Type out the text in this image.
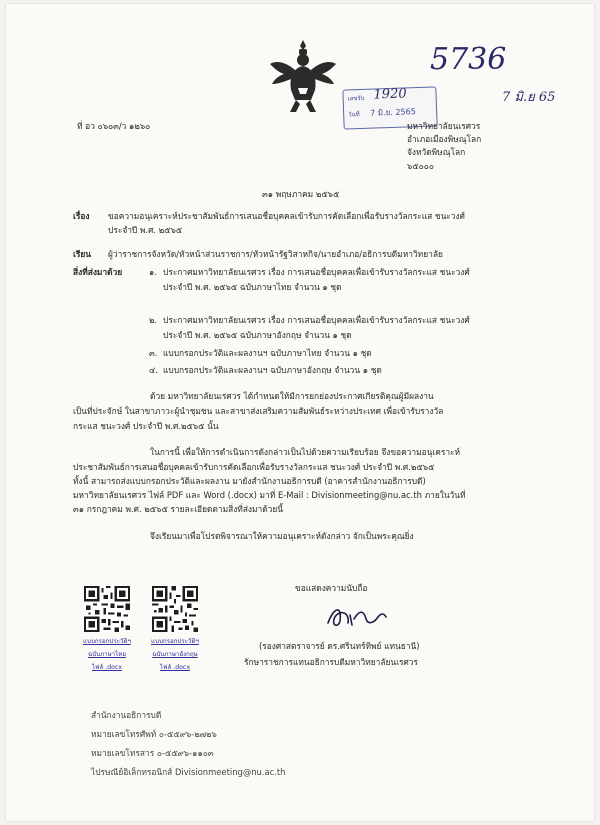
เลขรับ 1920
วันที่ 7 มิ.ย. 2565
5736
7 มิ.ย 65
ที่ อว ๐๖๐๓/ว ๑๒๖๐	มหาวิทยาลัยนเรศวร
อำเภอเมืองพิษณุโลก
จังหวัดพิษณุโลก
๖๕๐๐๐
๓๑ พฤษภาคม ๒๕๖๕
เรื่อง ขอความอนุเคราะห์ประชาสัมพันธ์การเสนอชื่อบุคคลเข้ารับการคัดเลือกเพื่อรับรางวัลกระแส ชนะวงศ์
ประจำปี พ.ศ. ๒๕๖๕
เรียน ผู้ว่าราชการจังหวัด/หัวหน้าส่วนราชการ/หัวหน้ารัฐวิสาหกิจ/นายอำเภอ/อธิการบดีมหาวิทยาลัย
สิ่งที่ส่งมาด้วย	๑. ประกาศมหาวิทยาลัยนเรศวร เรื่อง การเสนอชื่อบุคคลเพื่อเข้ารับรางวัลกระแส ชนะวงศ์
ประจำปี พ.ศ. ๒๕๖๕ ฉบับภาษาไทย จำนวน ๑ ชุด
๒. ประกาศมหาวิทยาลัยนเรศวร เรื่อง การเสนอชื่อบุคคลเพื่อเข้ารับรางวัลกระแส ชนะวงศ์
ประจำปี พ.ศ. ๒๕๖๕ ฉบับภาษาอังกฤษ จำนวน ๑ ชุด
๓. แบบกรอกประวัติและผลงานฯ ฉบับภาษาไทย จำนวน ๑ ชุด
๔. แบบกรอกประวัติและผลงานฯ ฉบับภาษาอังกฤษ จำนวน ๑ ชุด
ด้วย มหาวิทยาลัยนเรศวร ได้กำหนดให้มีการยกย่องประกาศเกียรติคุณผู้มีผลงาน
เป็นที่ประจักษ์ ในสาขาภาวะผู้นำชุมชน และสาขาส่งเสริมความสัมพันธ์ระหว่างประเทศ เพื่อเข้ารับรางวัล
กระแส ชนะวงศ์ ประจำปี พ.ศ.๒๕๖๕ นั้น
ในการนี้ เพื่อให้การดำเนินการดังกล่าวเป็นไปด้วยความเรียบร้อย จึงขอความอนุเคราะห์
ประชาสัมพันธ์การเสนอชื่อบุคคลเข้ารับการคัดเลือกเพื่อรับรางวัลกระแส ชนะวงศ์ ประจำปี พ.ศ.๒๕๖๕
ทั้งนี้ สามารถส่งแบบกรอกประวัติและผลงาน มายังสำนักงานอธิการบดี (อาคารสำนักงานอธิการบดี)
มหาวิทยาลัยนเรศวร ไฟล์ PDF และ Word (.docx) มาที่ E-Mail : Divisionmeeting@nu.ac.th ภายในวันที่
๓๑ กรกฎาคม พ.ศ. ๒๕๖๕ รายละเอียดตามสิ่งที่ส่งมาด้วยนี้
จึงเรียนมาเพื่อโปรดพิจารณาให้ความอนุเคราะห์ดังกล่าว จักเป็นพระคุณยิ่ง
แบบกรอกประวัติฯ
ฉบับภาษาไทย
ไฟล์ .docx
แบบกรอกประวัติฯ
ฉบับภาษาอังกฤษ
ไฟล์ .docx
ขอแสดงความนับถือ
(รองศาสตราจารย์ ดร.ศรินทร์ทิพย์ แทนธานี)
รักษาราชการแทนอธิการบดีมหาวิทยาลัยนเรศวร
สำนักงานอธิการบดี
หมายเลขโทรศัพท์ ๐-๕๕๙๖-๒๗๒๖
หมายเลขโทรสาร ๐-๕๕๙๖-๑๑๐๓
ไปรษณีย์อิเล็กทรอนิกส์ Divisionmeeting@nu.ac.th
